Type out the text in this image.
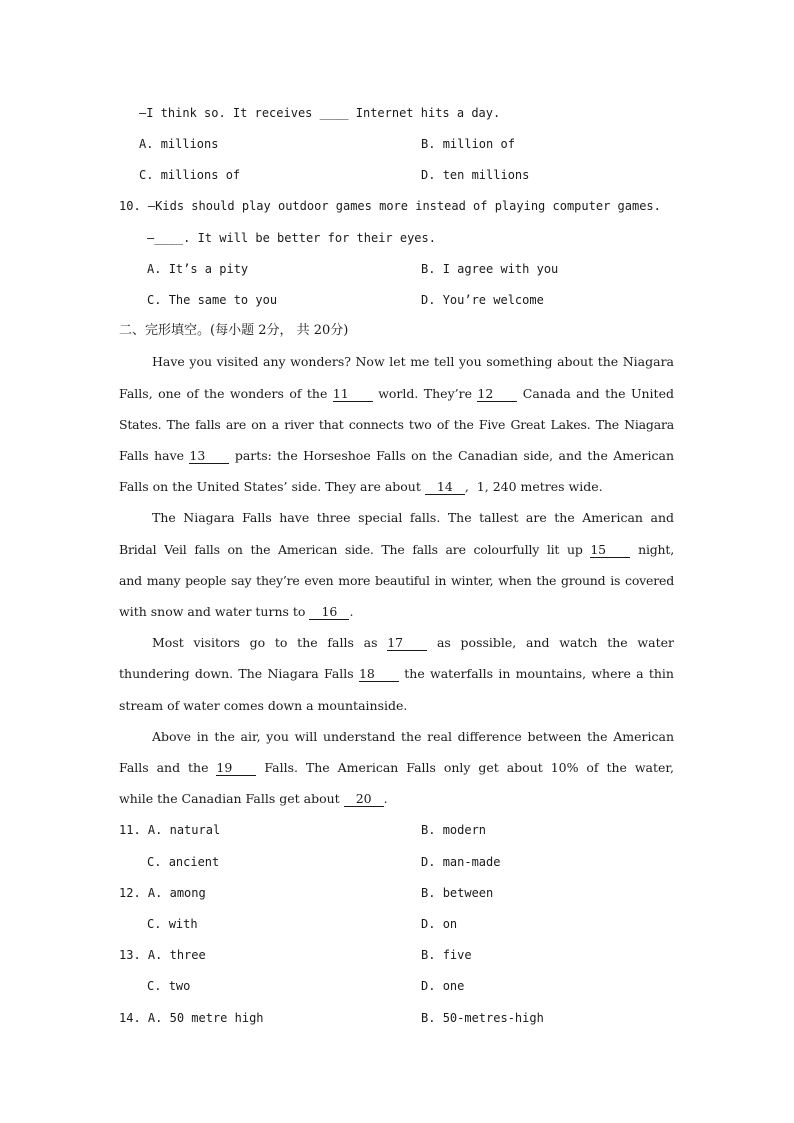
—I think so. It receives ____ Internet hits a day.
A. millions	B. million of
C. millions of	D. ten millions
10. —Kids should play outdoor games more instead of playing computer games.
—____. It will be better for their eyes.
A. It’s a pity	B. I agree with you
C. The same to you	D. You’re welcome
二、完形填空。(每小题 2分， 共 20分)
Have you visited any wonders? Now let me tell you something about the Niagara
Falls, one of the wonders of the 11 world. They’re 12 Canada and the United
States. The falls are on a river that connects two of the Five Great Lakes. The Niagara
Falls have 13 parts: the Horseshoe Falls on the Canadian side, and the American
Falls on the United States’ side. They are about 14 ,  1, 240 metres wide.
The Niagara Falls have three special falls. The tallest are the American and
Bridal Veil falls on the American side. The falls are colourfully lit up 15	night,
and many people say they’re even more beautiful in winter, when the ground is covered
with snow and water turns to 16 .
Most visitors go to the falls as 17	as possible, and watch the water
thundering down. The Niagara Falls 18 the waterfalls in mountains, where a thin
stream of water comes down a mountainside.
Above in the air, you will understand the real difference between the American
Falls and the 19	Falls. The American Falls only get about 10% of the water,
while the Canadian Falls get about 20 .
11. A. natural	B. modern
C. ancient	D. man-made
12. A. among	B. between
C. with	D. on
13. A. three	B. five
C. two	D. one
14. A. 50 metre high	B. 50-metres-high
